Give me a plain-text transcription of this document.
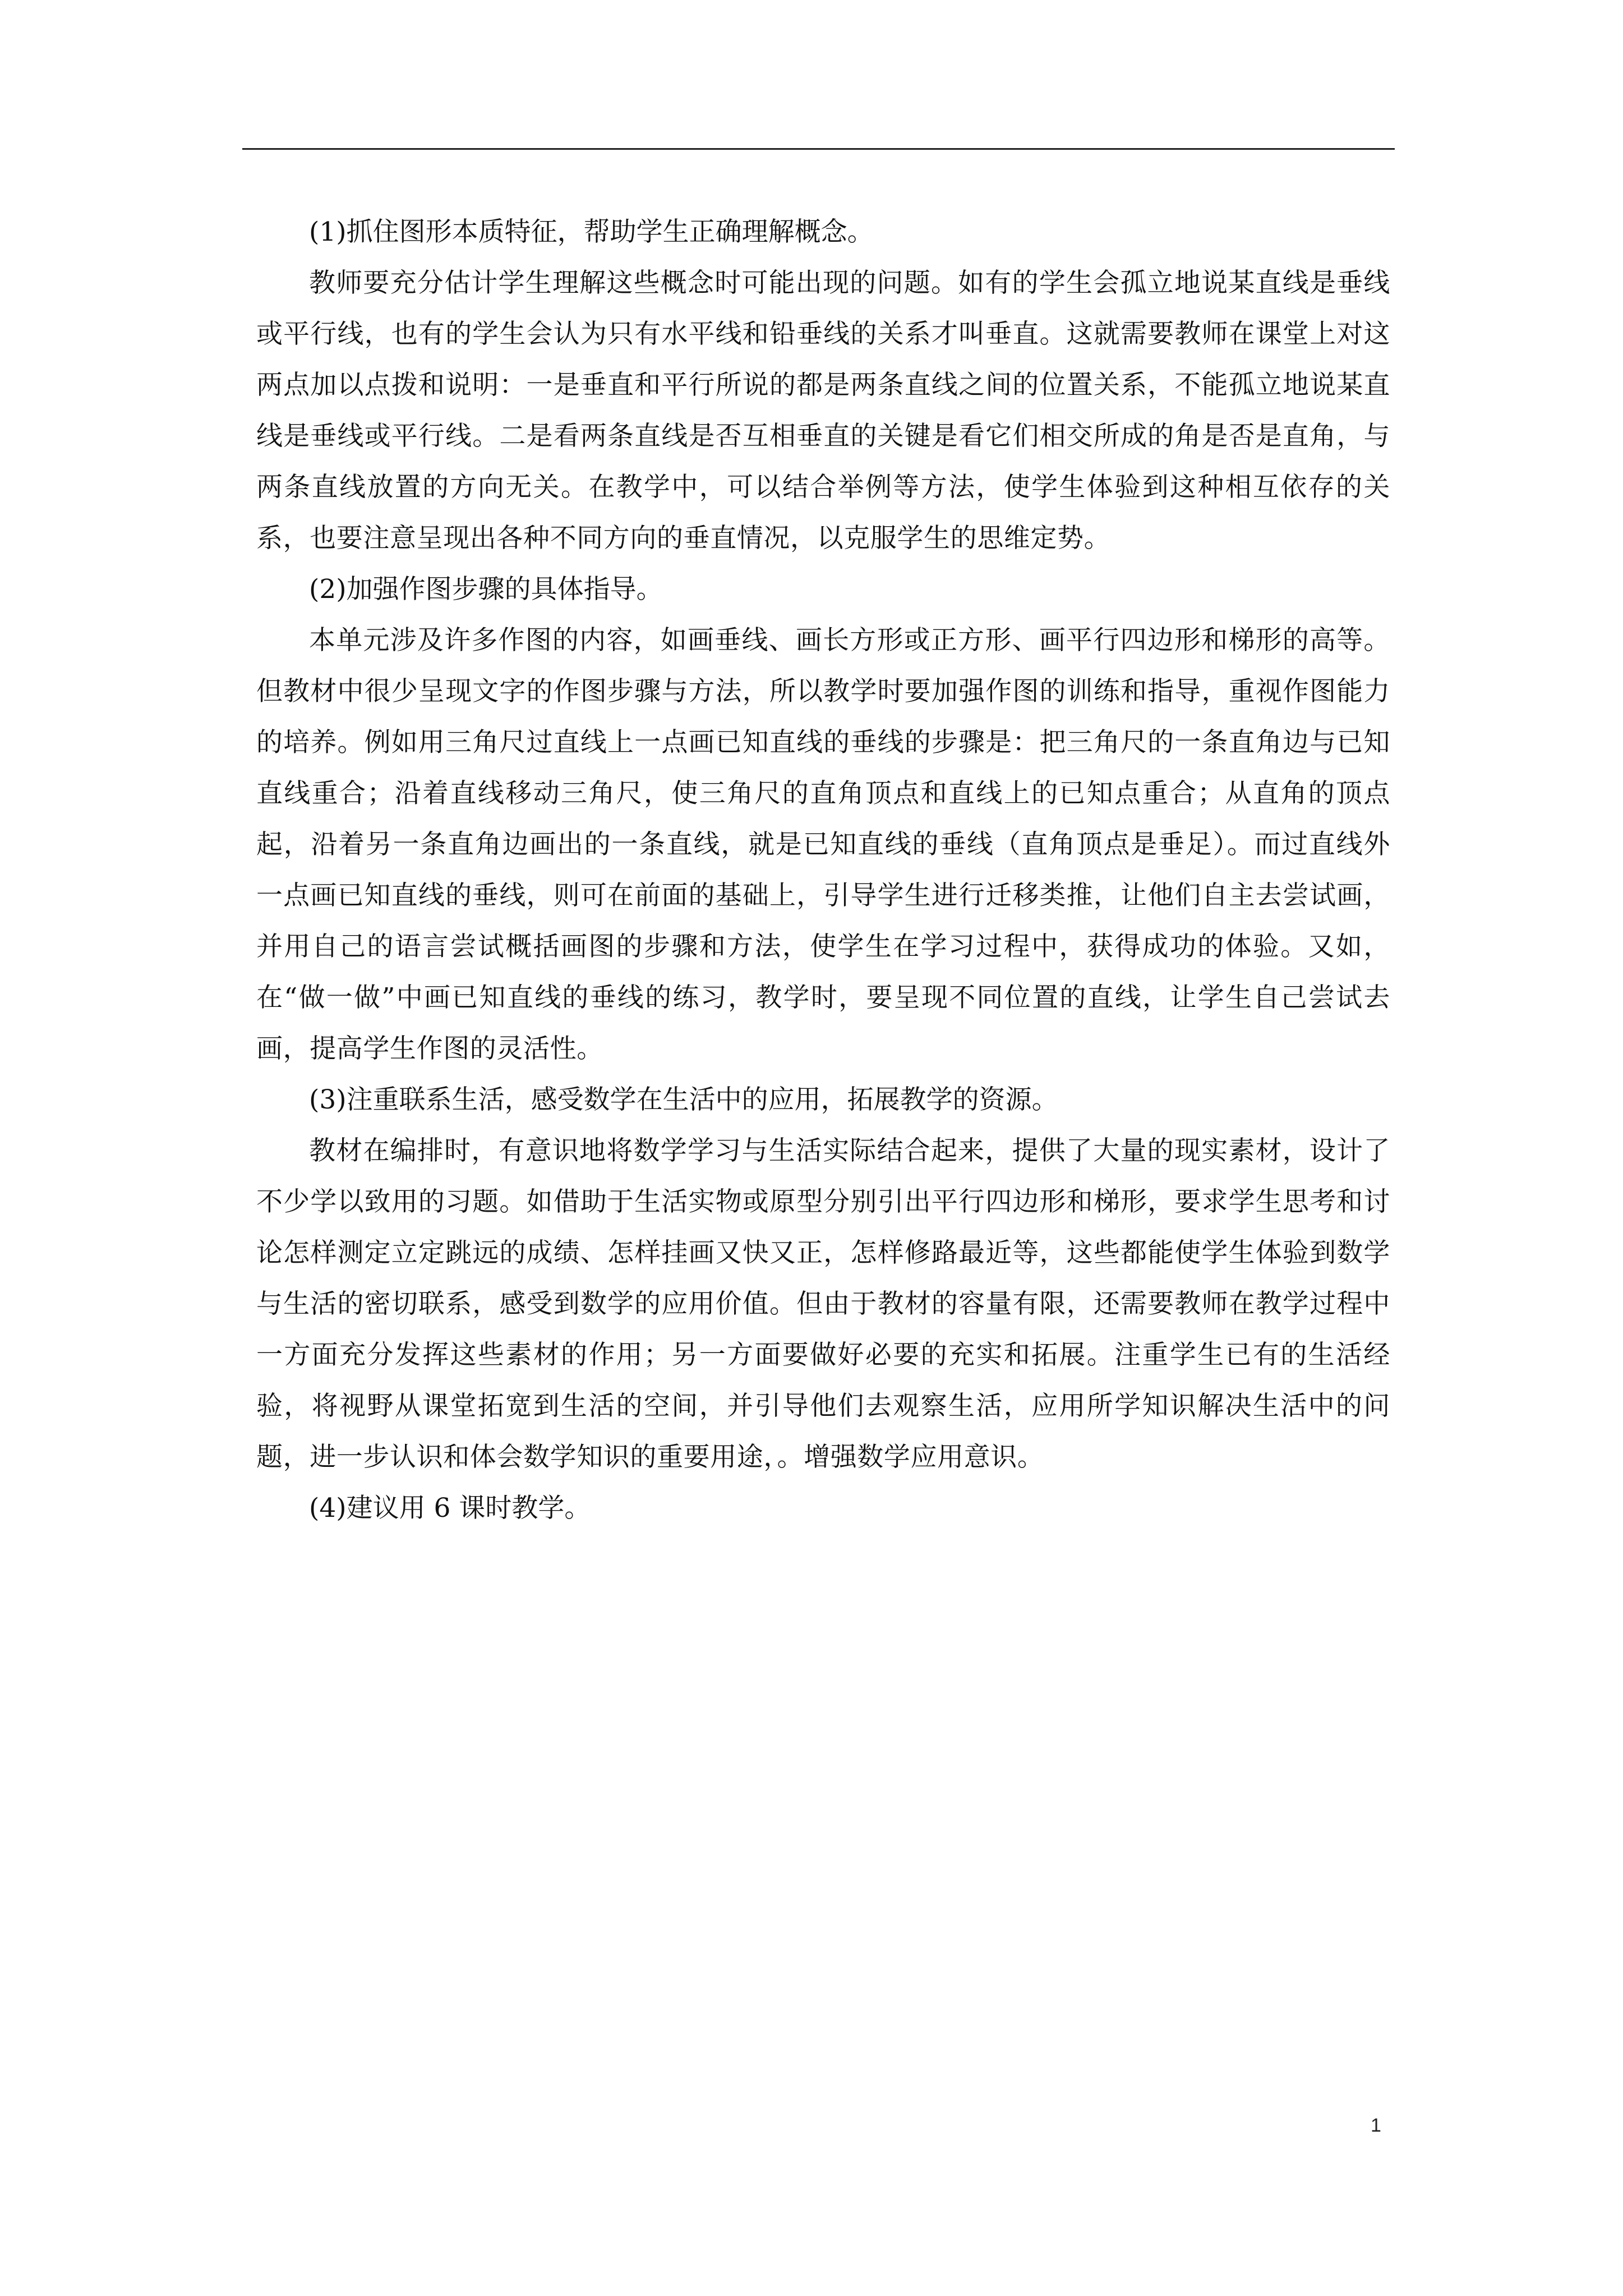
(1)抓住图形本质特征，帮助学生正确理解概念。

教师要充分估计学生理解这些概念时可能出现的问题。如有的学生会孤立地说某直线是垂线或平行线，也有的学生会认为只有水平线和铅垂线的关系才叫垂直。这就需要教师在课堂上对这两点加以点拨和说明：一是垂直和平行所说的都是两条直线之间的位置关系，不能孤立地说某直线是垂线或平行线。二是看两条直线是否互相垂直的关键是看它们相交所成的角是否是直角，与两条直线放置的方向无关。在教学中，可以结合举例等方法，使学生体验到这种相互依存的关系，也要注意呈现出各种不同方向的垂直情况，以克服学生的思维定势。

(2)加强作图步骤的具体指导。

本单元涉及许多作图的内容，如画垂线、画长方形或正方形、画平行四边形和梯形的高等。但教材中很少呈现文字的作图步骤与方法，所以教学时要加强作图的训练和指导，重视作图能力的培养。例如用三角尺过直线上一点画已知直线的垂线的步骤是：把三角尺的一条直角边与已知直线重合；沿着直线移动三角尺，使三角尺的直角顶点和直线上的已知点重合；从直角的顶点起，沿着另一条直角边画出的一条直线，就是已知直线的垂线（直角顶点是垂足）。而过直线外一点画已知直线的垂线，则可在前面的基础上，引导学生进行迁移类推，让他们自主去尝试画，并用自己的语言尝试概括画图的步骤和方法，使学生在学习过程中，获得成功的体验。又如，在“做一做”中画已知直线的垂线的练习，教学时，要呈现不同位置的直线，让学生自己尝试去画，提高学生作图的灵活性。

(3)注重联系生活，感受数学在生活中的应用，拓展教学的资源。

教材在编排时，有意识地将数学学习与生活实际结合起来，提供了大量的现实素材，设计了不少学以致用的习题。如借助于生活实物或原型分别引出平行四边形和梯形，要求学生思考和讨论怎样测定立定跳远的成绩、怎样挂画又快又正，怎样修路最近等，这些都能使学生体验到数学与生活的密切联系，感受到数学的应用价值。但由于教材的容量有限，还需要教师在教学过程中一方面充分发挥这些素材的作用；另一方面要做好必要的充实和拓展。注重学生已有的生活经验，将视野从课堂拓宽到生活的空间，并引导他们去观察生活，应用所学知识解决生活中的问题，进一步认识和体会数学知识的重要用途，。增强数学应用意识。

(4)建议用 6 课时教学。

1
